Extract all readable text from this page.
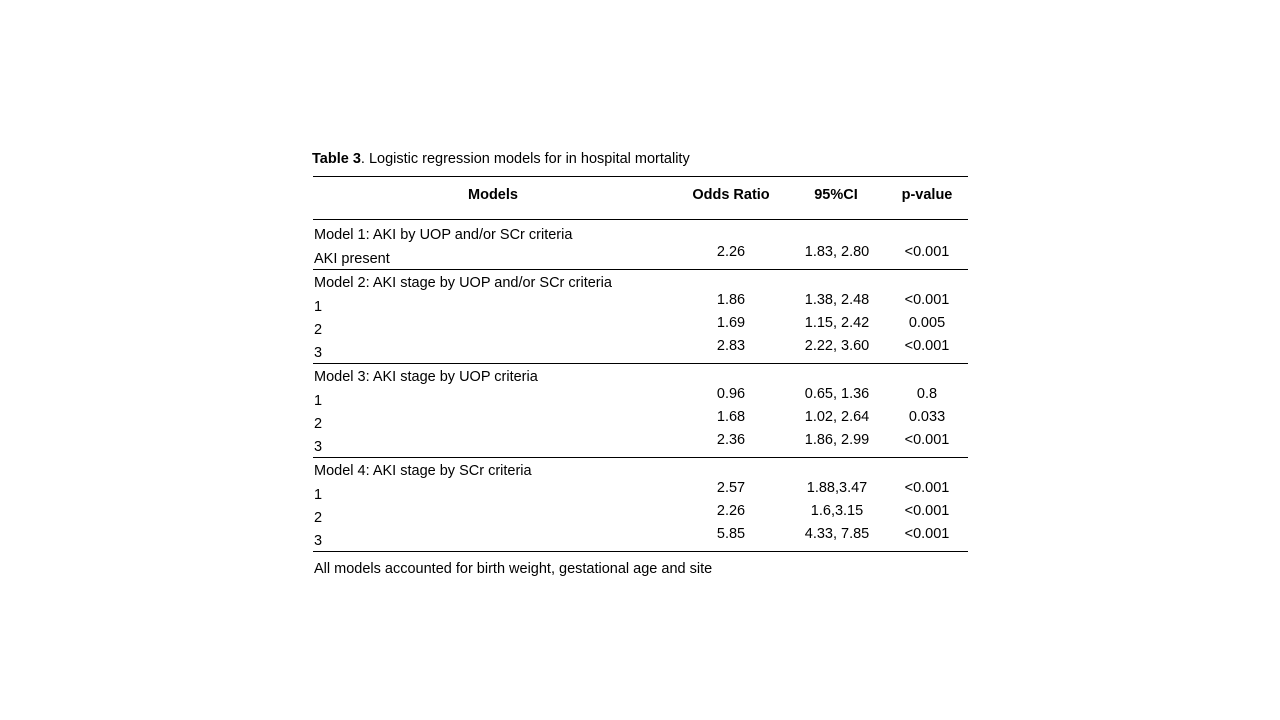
Table 3. Logistic regression models for in hospital mortality
Models	Odds Ratio	95%CI	p-value
Model 1: AKI by UOP and/or SCr criteria
AKI present	2.26	1.83, 2.80	<0.001
Model 2: AKI stage by UOP and/or SCr criteria
1	1.86	1.38, 2.48	<0.001
2	1.69	1.15, 2.42	0.005
3	2.83	2.22, 3.60	<0.001
Model 3: AKI stage by UOP criteria
1	0.96	0.65, 1.36	0.8
2	1.68	1.02, 2.64	0.033
3	2.36	1.86, 2.99	<0.001
Model 4: AKI stage by SCr criteria
1	2.57	1.88,3.47	<0.001
2	2.26	1.6,3.15	<0.001
3	5.85	4.33, 7.85	<0.001
All models accounted for birth weight, gestational age and site
